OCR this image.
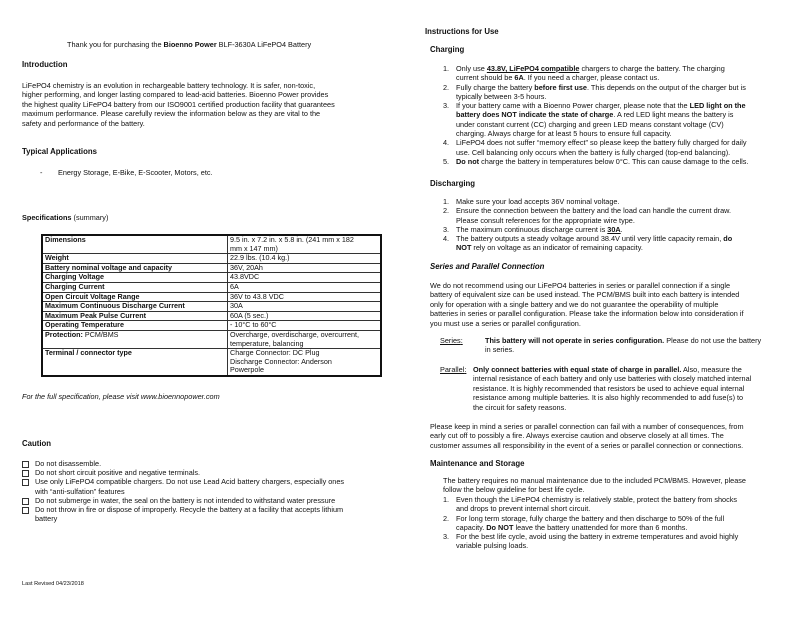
Thank you for purchasing the Bioenno Power BLF-3630A LiFePO4 Battery
Introduction
LiFePO4 chemistry is an evolution in rechargeable battery technology. It is safer, non-toxic,
higher performing, and longer lasting compared to lead-acid batteries. Bioenno Power provides
the highest quality LiFePO4 battery from our ISO9001 certified production facility that guarantees
maximum performance. Please carefully review the information below as they are vital to the
safety and performance of the battery.
Typical Applications
- Energy Storage, E-Bike, E-Scooter, Motors, etc.
Specifications (summary)
Dimensions	9.5 in. x 7.2 in. x 5.8 in. (241 mm x 182
mm x 147 mm)
Weight	22.9 lbs. (10.4 kg.)
Battery nominal voltage and capacity	36V, 20Ah
Charging Voltage	43.8VDC
Charging Current	6A
Open Circuit Voltage Range	36V to 43.8 VDC
Maximum Continuous Discharge Current	30A
Maximum Peak Pulse Current	60A (5 sec.)
Operating Temperature	- 10°C to 60°C
Protection: PCM/BMS	Overcharge, overdischarge, overcurrent,
temperature, balancing
Terminal / connector type	Charge Connector: DC Plug
Discharge Connector: Anderson
Powerpole
For the full specification, please visit www.bioennopower.com
Caution
Do not disassemble.
Do not short circuit positive and negative terminals.
Use only LiFePO4 compatible chargers. Do not use Lead Acid battery chargers, especially ones
with “anti-sulfation” features
Do not submerge in water, the seal on the battery is not intended to withstand water pressure
Do not throw in fire or dispose of improperly. Recycle the battery at a facility that accepts lithium
battery
Last Revised 04/23/2018
Instructions for Use
Charging
1. Only use 43.8V, LiFePO4 compatible chargers to charge the battery. The charging
current should be 6A. If you need a charger, please contact us.
2. Fully charge the battery before first use. This depends on the output of the charger but is
typically between 3-5 hours.
3. If your battery came with a Bioenno Power charger, please note that the LED light on the
battery does NOT indicate the state of charge. A red LED light means the battery is
under constant current (CC) charging and green LED means constant voltage (CV)
charging. Always charge for at least 5 hours to ensure full capacity.
4. LiFePO4 does not suffer “memory effect” so please keep the battery fully charged for daily
use. Cell balancing only occurs when the battery is fully charged (top-end balancing).
5. Do not charge the battery in temperatures below 0°C. This can cause damage to the cells.
Discharging
1. Make sure your load accepts 36V nominal voltage.
2. Ensure the connection between the battery and the load can handle the current draw.
Please consult references for the appropriate wire type.
3. The maximum continuous discharge current is 30A.
4. The battery outputs a steady voltage around 38.4V until very little capacity remain, do
NOT rely on voltage as an indicator of remaining capacity.
Series and Parallel Connection
We do not recommend using our LiFePO4 batteries in series or parallel connection if a single
battery of equivalent size can be used instead. The PCM/BMS built into each battery is intended
only for operation with a single battery and we do not guarantee the operability of multiple
batteries in series or parallel configuration. Please take the information below into consideration if
you must use a series or parallel configuration.
Series:	This battery will not operate in series configuration. Please do not use the battery
in series.
Parallel: Only connect batteries with equal state of charge in parallel. Also, measure the
internal resistance of each battery and only use batteries with closely matched internal
resistance. It is highly recommended that resistors be used to achieve equal internal
resistance among multiple batteries. It is also highly recommended to add fuse(s) to
the circuit for safety reasons.
Please keep in mind a series or parallel connection can fail with a number of consequences, from
early cut off to possibly a fire. Always exercise caution and observe closely at all times. The
customer assumes all responsibility in the event of a series or parallel connection or connections.
Maintenance and Storage
The battery requires no manual maintenance due to the included PCM/BMS. However, please
follow the below guideline for best life cycle.
1. Even though the LiFePO4 chemistry is relatively stable, protect the battery from shocks
and drops to prevent internal short circuit.
2. For long term storage, fully charge the battery and then discharge to 50% of the full
capacity. Do NOT leave the battery unattended for more than 6 months.
3. For the best life cycle, avoid using the battery in extreme temperatures and avoid highly
variable pulsing loads.
